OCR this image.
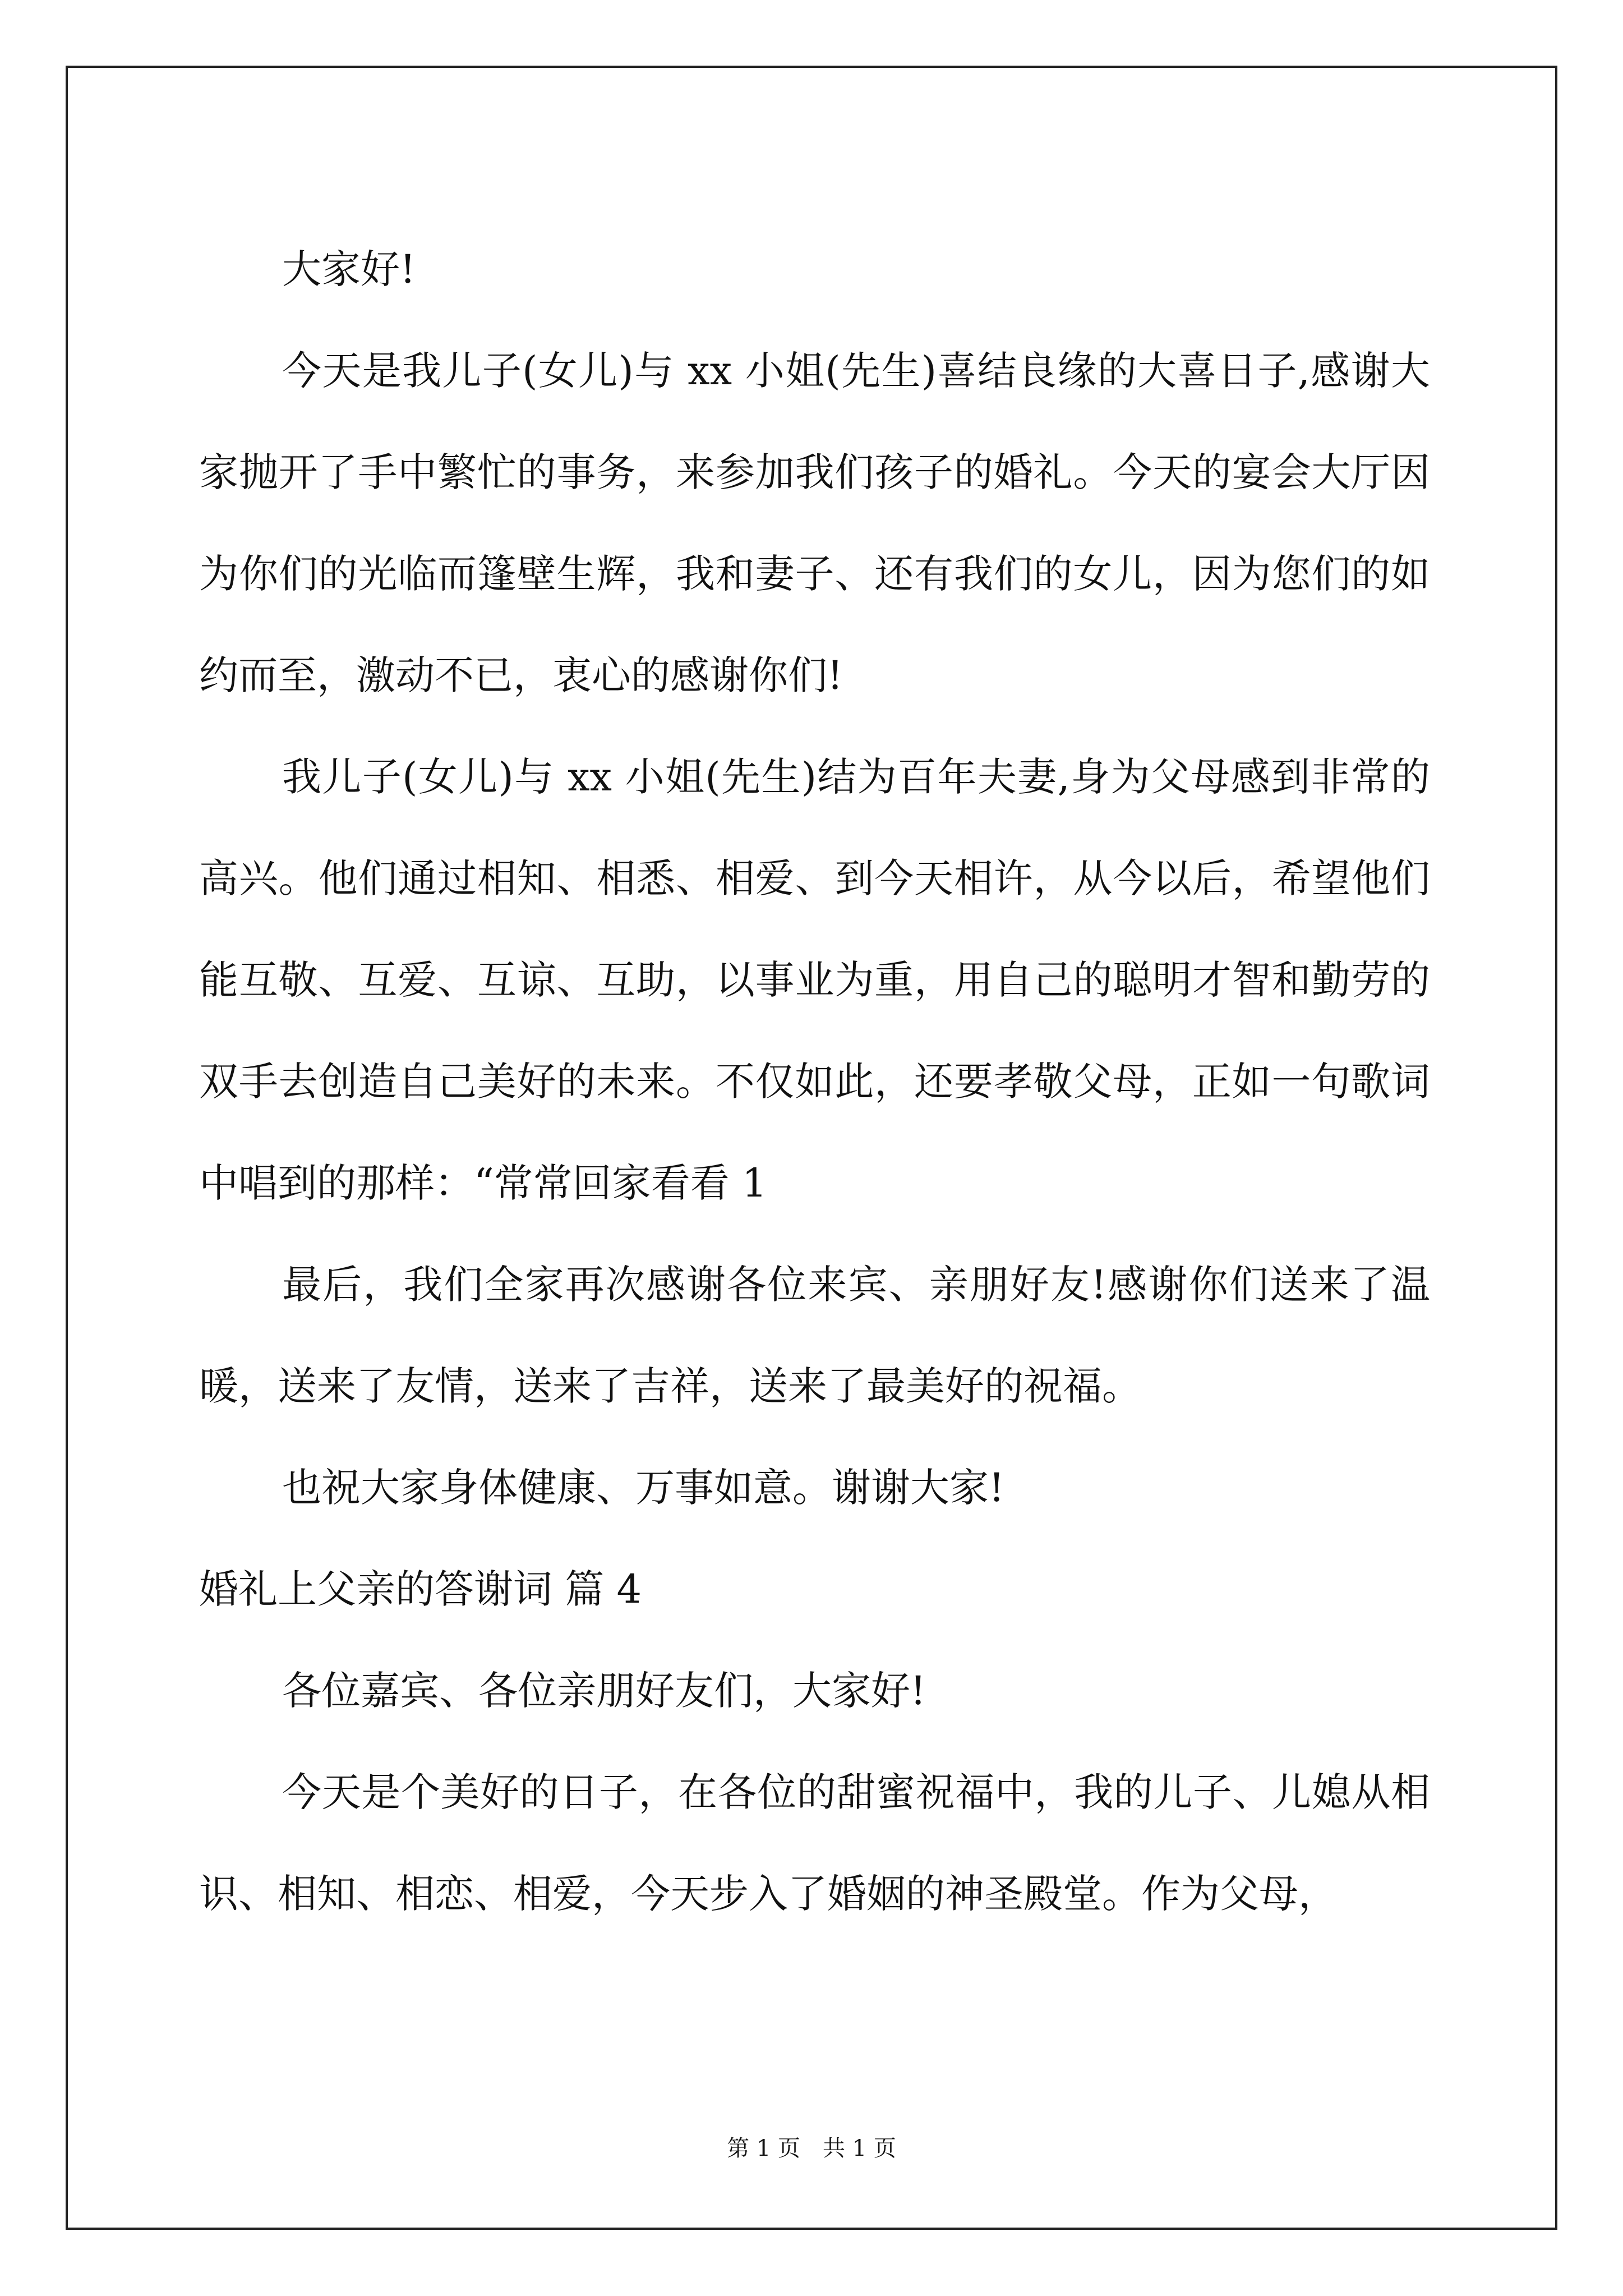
大家好!

今天是我儿子(女儿)与 xx 小姐(先生)喜结良缘的大喜日子,感谢大家抛开了手中繁忙的事务，来参加我们孩子的婚礼。今天的宴会大厅因为你们的光临而篷壁生辉，我和妻子、还有我们的女儿，因为您们的如约而至，激动不已，衷心的感谢你们!

我儿子(女儿)与 xx 小姐(先生)结为百年夫妻,身为父母感到非常的高兴。他们通过相知、相悉、相爱、到今天相许，从今以后，希望他们能互敬、互爱、互谅、互助，以事业为重，用自己的聪明才智和勤劳的双手去创造自己美好的未来。不仅如此，还要孝敬父母，正如一句歌词中唱到的那样：“常常回家看看 1

最后，我们全家再次感谢各位来宾、亲朋好友!感谢你们送来了温暖，送来了友情，送来了吉祥，送来了最美好的祝福。

也祝大家身体健康、万事如意。谢谢大家!

婚礼上父亲的答谢词 篇 4

各位嘉宾、各位亲朋好友们，大家好!

今天是个美好的日子，在各位的甜蜜祝福中，我的儿子、儿媳从相识、相知、相恋、相爱，今天步入了婚姻的神圣殿堂。作为父母，

第 1 页　共 1 页
